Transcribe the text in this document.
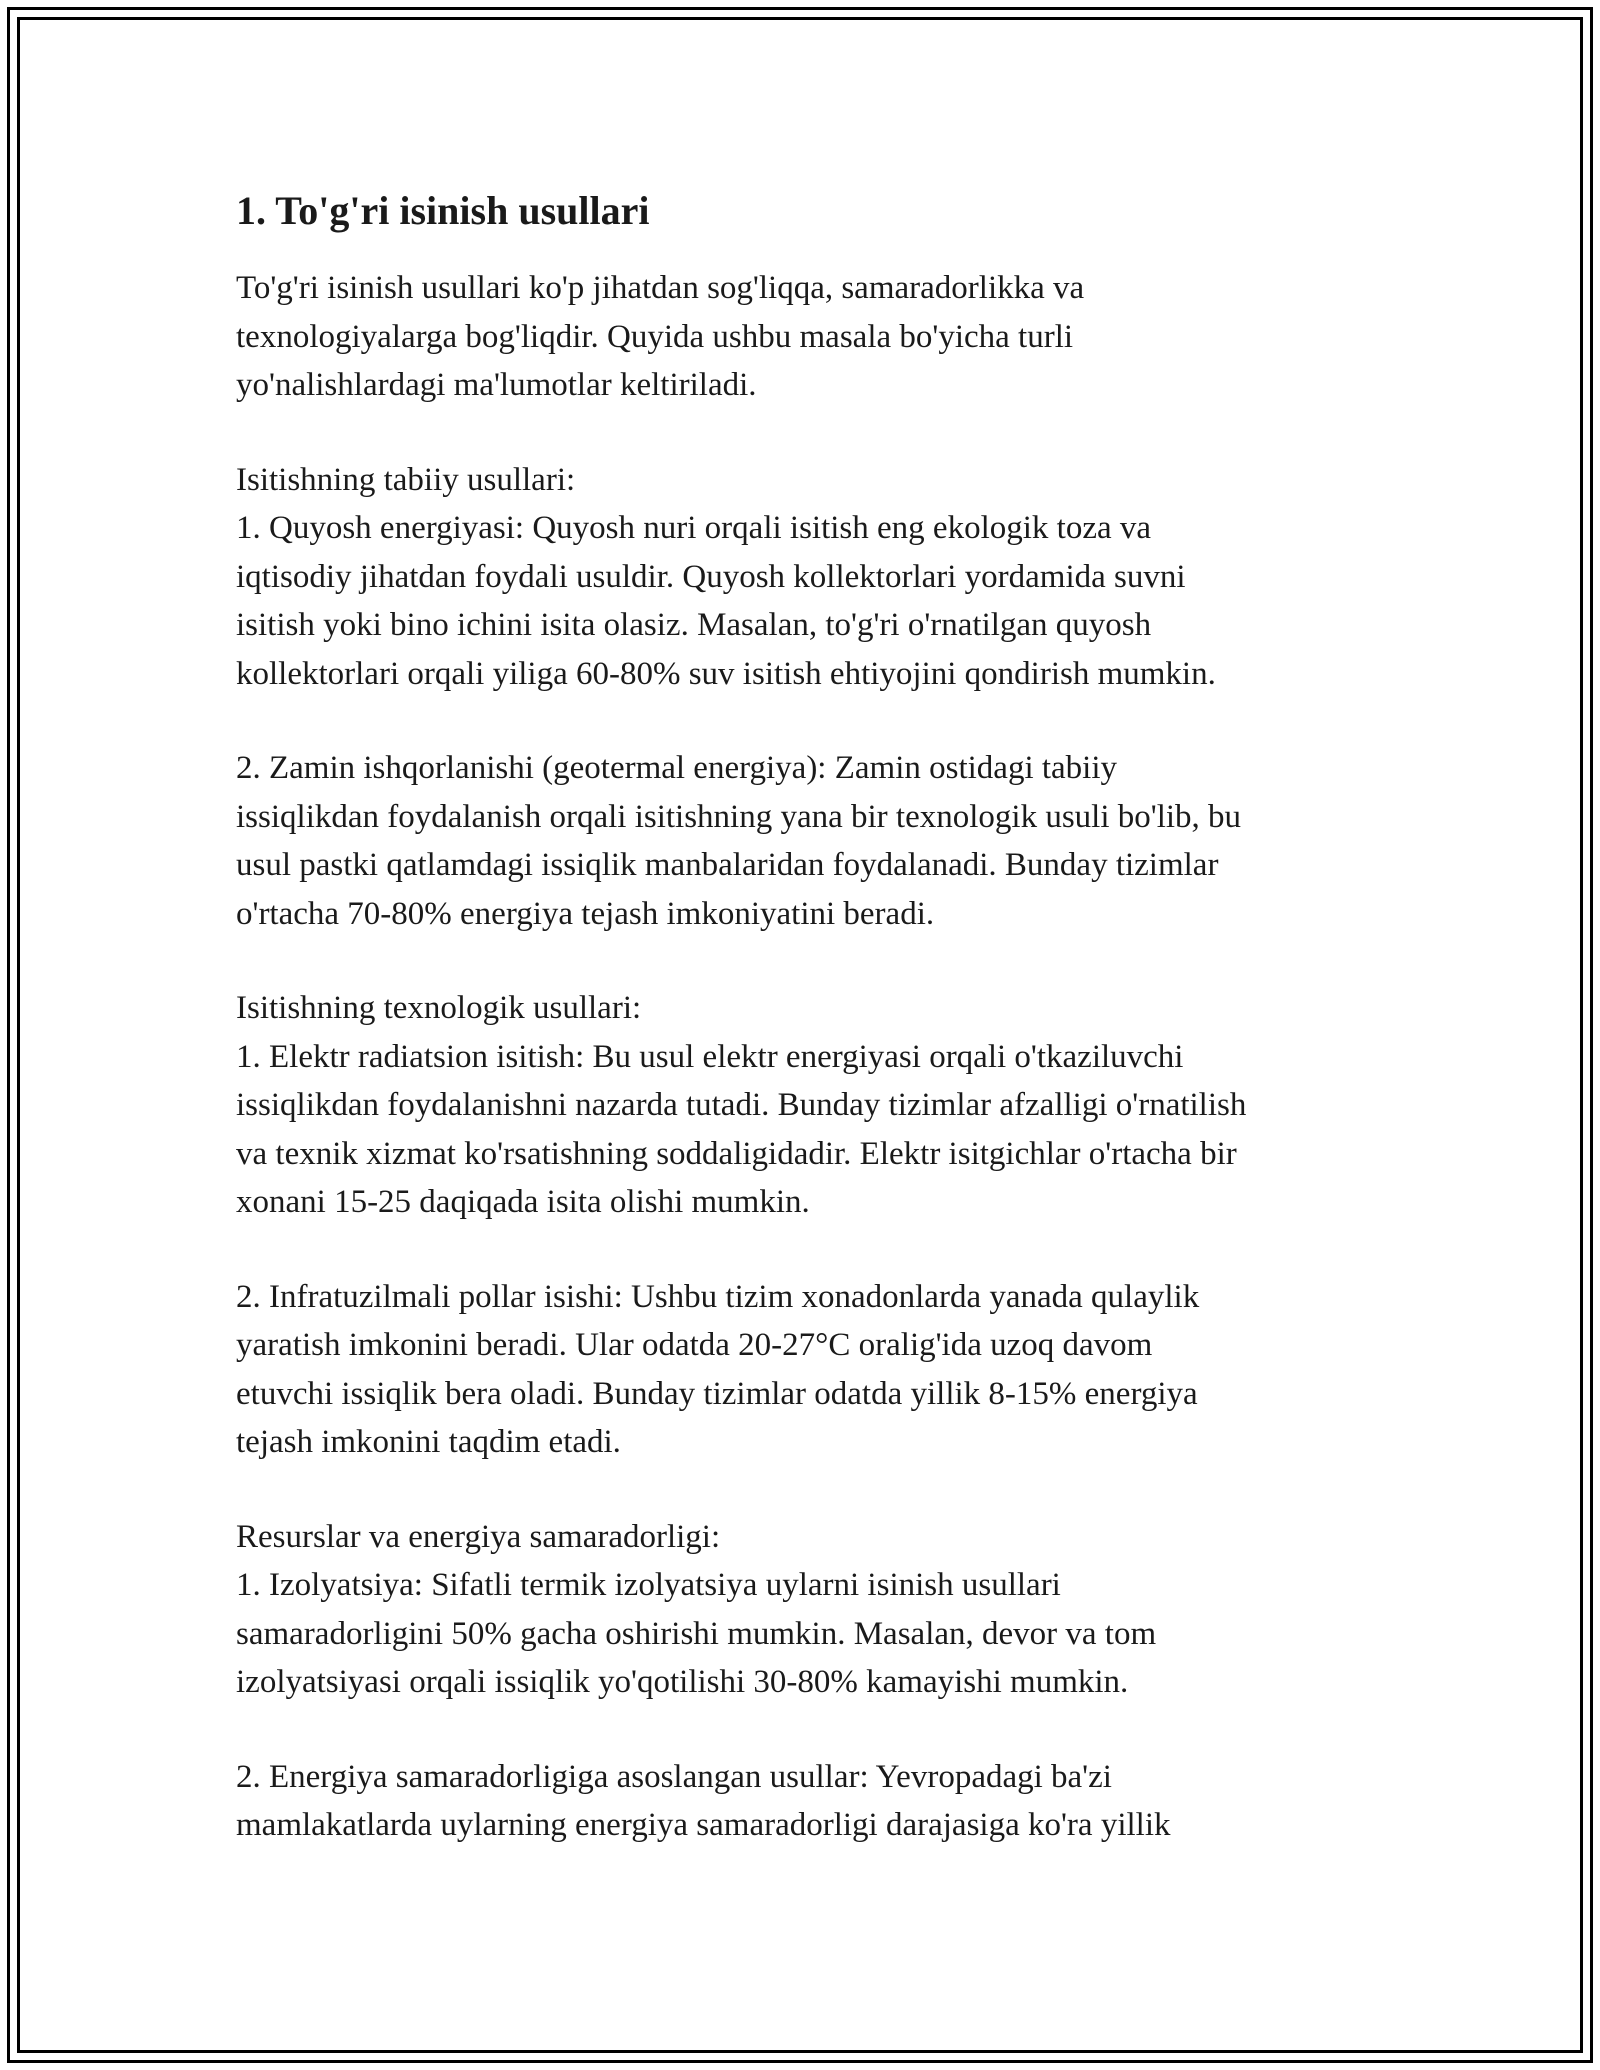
1. To'g'ri isinish usullari

To'g'ri isinish usullari ko'p jihatdan sog'liqqa, samaradorlikka va
texnologiyalarga bog'liqdir. Quyida ushbu masala bo'yicha turli
yo'nalishlardagi ma'lumotlar keltiriladi.

Isitishning tabiiy usullari:
1. Quyosh energiyasi: Quyosh nuri orqali isitish eng ekologik toza va
iqtisodiy jihatdan foydali usuldir. Quyosh kollektorlari yordamida suvni
isitish yoki bino ichini isita olasiz. Masalan, to'g'ri o'rnatilgan quyosh
kollektorlari orqali yiliga 60-80% suv isitish ehtiyojini qondirish mumkin.

2. Zamin ishqorlanishi (geotermal energiya): Zamin ostidagi tabiiy
issiqlikdan foydalanish orqali isitishning yana bir texnologik usuli bo'lib, bu
usul pastki qatlamdagi issiqlik manbalaridan foydalanadi. Bunday tizimlar
o'rtacha 70-80% energiya tejash imkoniyatini beradi.

Isitishning texnologik usullari:
1. Elektr radiatsion isitish: Bu usul elektr energiyasi orqali o'tkaziluvchi
issiqlikdan foydalanishni nazarda tutadi. Bunday tizimlar afzalligi o'rnatilish
va texnik xizmat ko'rsatishning soddaligidadir. Elektr isitgichlar o'rtacha bir
xonani 15-25 daqiqada isita olishi mumkin.

2. Infratuzilmali pollar isishi: Ushbu tizim xonadonlarda yanada qulaylik
yaratish imkonini beradi. Ular odatda 20-27°C oralig'ida uzoq davom
etuvchi issiqlik bera oladi. Bunday tizimlar odatda yillik 8-15% energiya
tejash imkonini taqdim etadi.

Resurslar va energiya samaradorligi:
1. Izolyatsiya: Sifatli termik izolyatsiya uylarni isinish usullari
samaradorligini 50% gacha oshirishi mumkin. Masalan, devor va tom
izolyatsiyasi orqali issiqlik yo'qotilishi 30-80% kamayishi mumkin.

2. Energiya samaradorligiga asoslangan usullar: Yevropadagi ba'zi
mamlakatlarda uylarning energiya samaradorligi darajasiga ko'ra yillik
